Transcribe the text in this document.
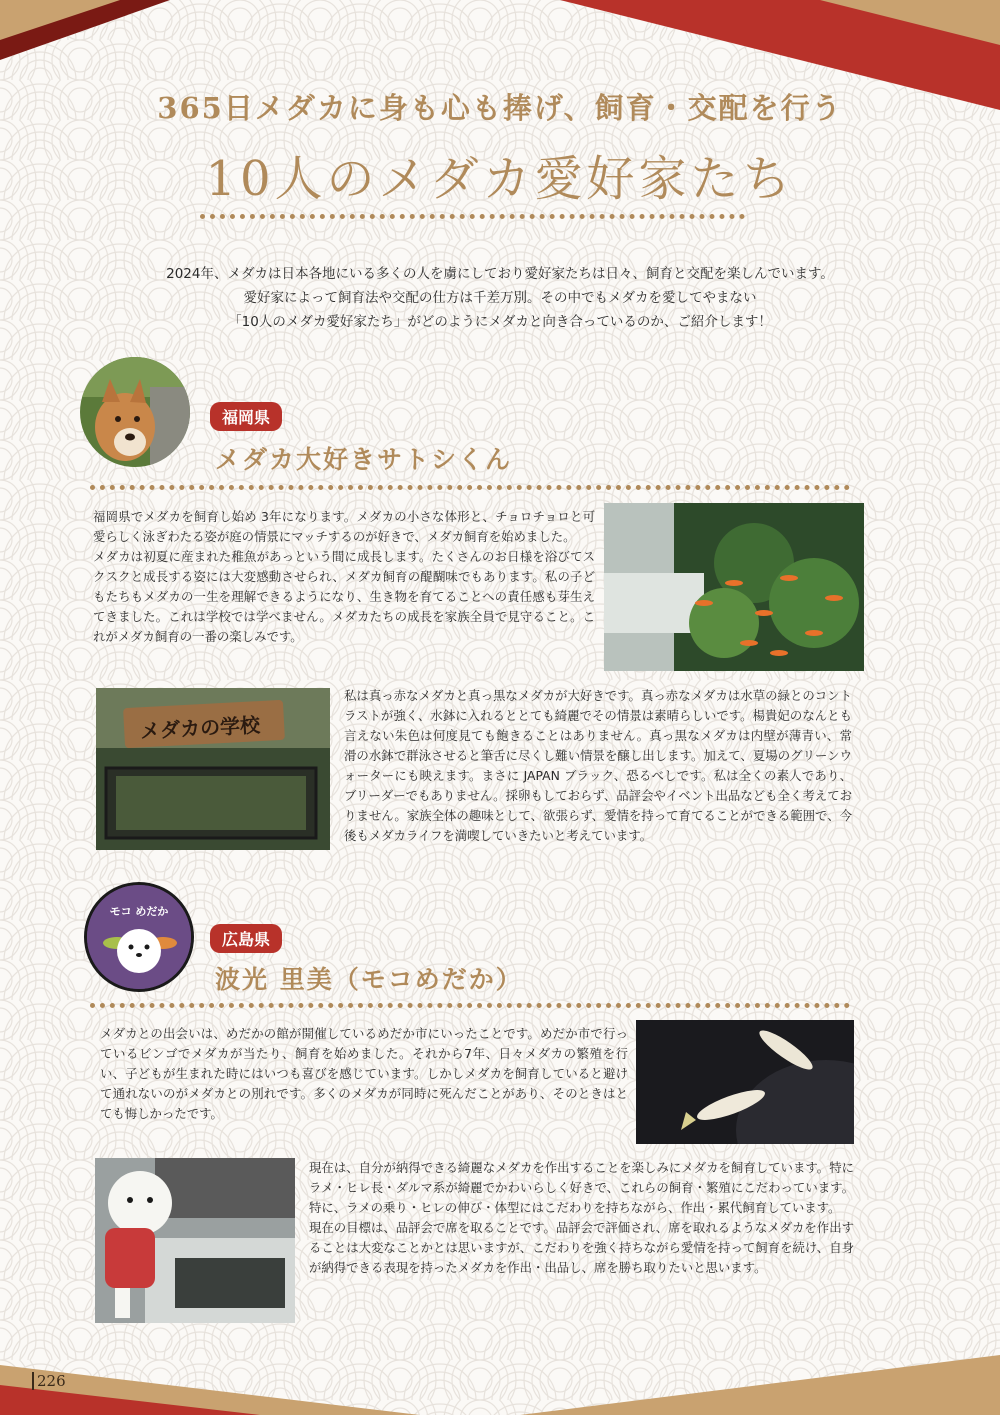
365日メダカに身も心も捧げ、飼育・交配を行う
10人のメダカ愛好家たち
2024年、メダカは日本各地にいる多くの人を虜にしており愛好家たちは日々、飼育と交配を楽しんでいます。
愛好家によって飼育法や交配の仕方は千差万別。その中でもメダカを愛してやまない
「10人のメダカ愛好家たち」がどのようにメダカと向き合っているのか、ご紹介します！
福岡県
メダカ大好きサトシくん
福岡県でメダカを飼育し始め 3年になります。メダカの小さな体形と、チョロチョロと可愛らしく泳ぎわたる姿が庭の情景にマッチするのが好きで、メダカ飼育を始めました。
メダカは初夏に産まれた稚魚があっという間に成長します。たくさんのお日様を浴びてスクスクと成長する姿には大変感動させられ、メダカ飼育の醍醐味でもあります。私の子どもたちもメダカの一生を理解できるようになり、生き物を育てることへの責任感も芽生えてきました。これは学校では学べません。メダカたちの成長を家族全員で見守ること。これがメダカ飼育の一番の楽しみです。
メダカの学校
私は真っ赤なメダカと真っ黒なメダカが大好きです。真っ赤なメダカは水草の緑とのコントラストが強く、水鉢に入れるととても綺麗でその情景は素晴らしいです。楊貴妃のなんとも言えない朱色は何度見ても飽きることはありません。真っ黒なメダカは内壁が薄青い、常滑の水鉢で群泳させると筆舌に尽くし難い情景を醸し出します。加えて、夏場のグリーンウォーターにも映えます。まさに JAPAN ブラック、恐るべしです。私は全くの素人であり、ブリーダーでもありません。採卵もしておらず、品評会やイベント出品なども全く考えておりません。家族全体の趣味として、欲張らず、愛情を持って育てることができる範囲で、今後もメダカライフを満喫していきたいと考えています。
モコ めだか
広島県
波光 里美（モコめだか）
メダカとの出会いは、めだかの館が開催しているめだか市にいったことです。めだか市で行っているビンゴでメダカが当たり、飼育を始めました。それから7年、日々メダカの繁殖を行い、子どもが生まれた時にはいつも喜びを感じています。しかしメダカを飼育していると避けて通れないのがメダカとの別れです。多くのメダカが同時に死んだことがあり、そのときはとても悔しかったです。
現在は、自分が納得できる綺麗なメダカを作出することを楽しみにメダカを飼育しています。特にラメ・ヒレ長・ダルマ系が綺麗でかわいらしく好きで、これらの飼育・繁殖にこだわっています。特に、ラメの乗り・ヒレの伸び・体型にはこだわりを持ちながら、作出・累代飼育しています。
現在の目標は、品評会で席を取ることです。品評会で評価され、席を取れるようなメダカを作出することは大変なことかとは思いますが、こだわりを強く持ちながら愛情を持って飼育を続け、自身が納得できる表現を持ったメダカを作出・出品し、席を勝ち取りたいと思います。
226
